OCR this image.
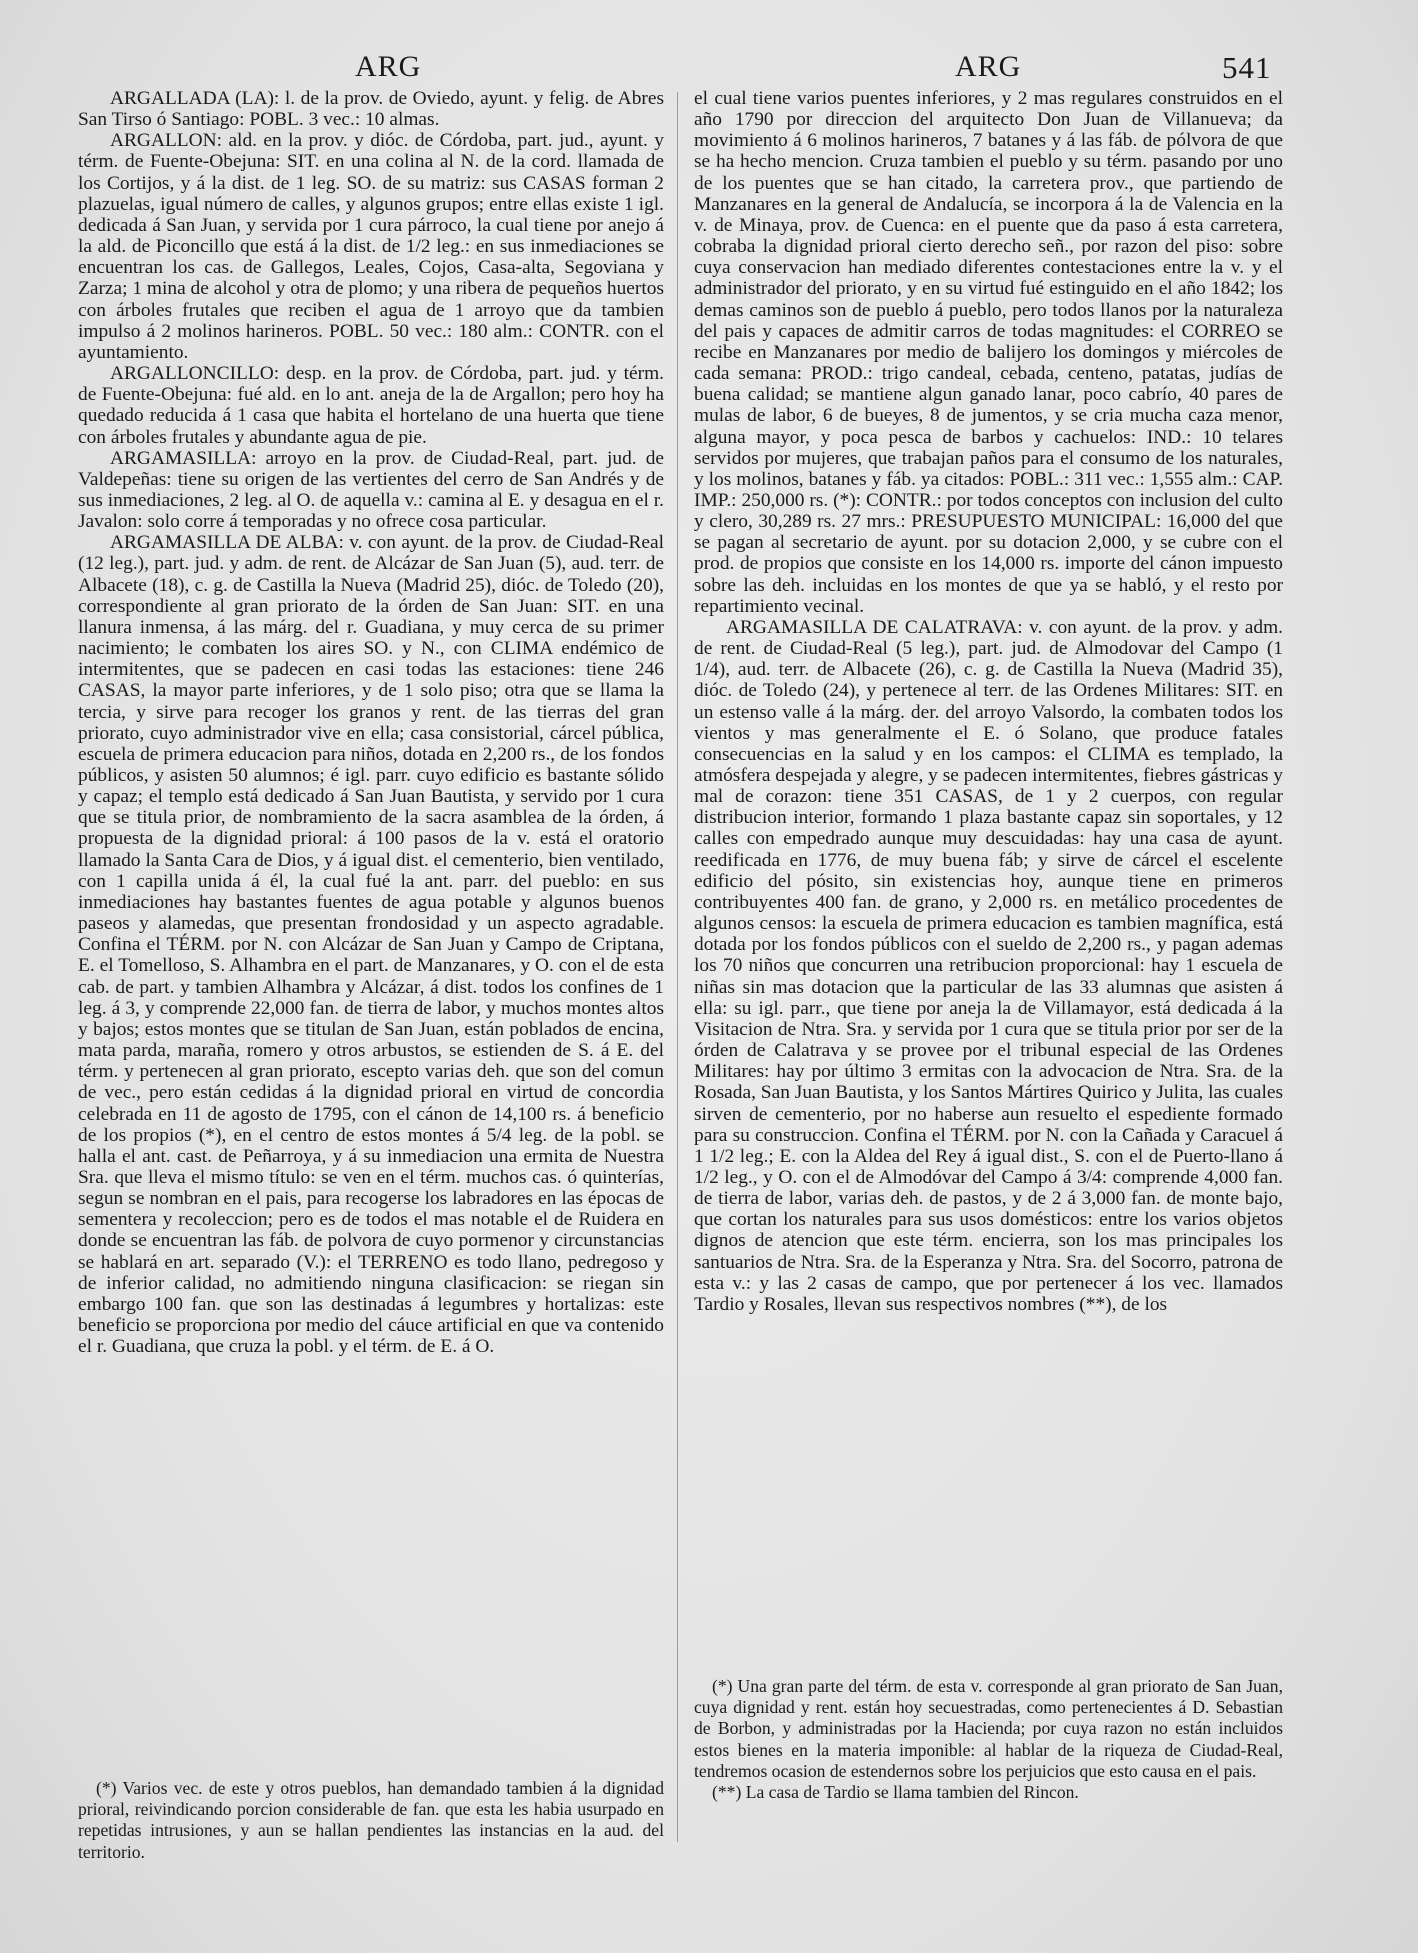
ARG	ARG	541

ARGALLADA (LA): l. de la prov. de Oviedo, ayunt. y felig. de Abres San Tirso ó Santiago: POBL. 3 vec.: 10 almas.

ARGALLON: ald. en la prov. y dióc. de Córdoba, part. jud., ayunt. y térm. de Fuente-Obejuna: SIT. en una colina al N. de la cord. llamada de los Cortijos, y á la dist. de 1 leg. SO. de su matriz: sus CASAS forman 2 plazuelas, igual número de calles, y algunos grupos; entre ellas existe 1 igl. dedicada á San Juan, y servida por 1 cura párroco, la cual tiene por anejo á la ald. de Piconcillo que está á la dist. de 1/2 leg.: en sus inmediaciones se encuentran los cas. de Gallegos, Leales, Cojos, Casa-alta, Segoviana y Zarza; 1 mina de alcohol y otra de plomo; y una ribera de pequeños huertos con árboles frutales que reciben el agua de 1 arroyo que da tambien impulso á 2 molinos harineros. POBL. 50 vec.: 180 alm.: CONTR. con el ayuntamiento.

ARGALLONCILLO: desp. en la prov. de Córdoba, part. jud. y térm. de Fuente-Obejuna: fué ald. en lo ant. aneja de la de Argallon; pero hoy ha quedado reducida á 1 casa que habita el hortelano de una huerta que tiene con árboles frutales y abundante agua de pie.

ARGAMASILLA: arroyo en la prov. de Ciudad-Real, part. jud. de Valdepeñas: tiene su origen de las vertientes del cerro de San Andrés y de sus inmediaciones, 2 leg. al O. de aquella v.: camina al E. y desagua en el r. Javalon: solo corre á temporadas y no ofrece cosa particular.

ARGAMASILLA DE ALBA: v. con ayunt. de la prov. de Ciudad-Real (12 leg.), part. jud. y adm. de rent. de Alcázar de San Juan (5), aud. terr. de Albacete (18), c. g. de Castilla la Nueva (Madrid 25), dióc. de Toledo (20), correspondiente al gran priorato de la órden de San Juan: SIT. en una llanura inmensa, á las márg. del r. Guadiana, y muy cerca de su primer nacimiento; le combaten los aires SO. y N., con CLIMA endémico de intermitentes, que se padecen en casi todas las estaciones: tiene 246 CASAS, la mayor parte inferiores, y de 1 solo piso; otra que se llama la tercia, y sirve para recoger los granos y rent. de las tierras del gran priorato, cuyo administrador vive en ella; casa consistorial, cárcel pública, escuela de primera educacion para niños, dotada en 2,200 rs., de los fondos públicos, y asisten 50 alumnos; é igl. parr. cuyo edificio es bastante sólido y capaz; el templo está dedicado á San Juan Bautista, y servido por 1 cura que se titula prior, de nombramiento de la sacra asamblea de la órden, á propuesta de la dignidad prioral: á 100 pasos de la v. está el oratorio llamado la Santa Cara de Dios, y á igual dist. el cementerio, bien ventilado, con 1 capilla unida á él, la cual fué la ant. parr. del pueblo: en sus inmediaciones hay bastantes fuentes de agua potable y algunos buenos paseos y alamedas, que presentan frondosidad y un aspecto agradable. Confina el TÉRM. por N. con Alcázar de San Juan y Campo de Criptana, E. el Tomelloso, S. Alhambra en el part. de Manzanares, y O. con el de esta cab. de part. y tambien Alhambra y Alcázar, á dist. todos los confines de 1 leg. á 3, y comprende 22,000 fan. de tierra de labor, y muchos montes altos y bajos; estos montes que se titulan de San Juan, están poblados de encina, mata parda, maraña, romero y otros arbustos, se estienden de S. á E. del térm. y pertenecen al gran priorato, escepto varias deh. que son del comun de vec., pero están cedidas á la dignidad prioral en virtud de concordia celebrada en 11 de agosto de 1795, con el cánon de 14,100 rs. á beneficio de los propios (*), en el centro de estos montes á 5/4 leg. de la pobl. se halla el ant. cast. de Peñarroya, y á su inmediacion una ermita de Nuestra Sra. que lleva el mismo título: se ven en el térm. muchos cas. ó quinterías, segun se nombran en el pais, para recogerse los labradores en las épocas de sementera y recoleccion; pero es de todos el mas notable el de Ruidera en donde se encuentran las fáb. de polvora de cuyo pormenor y circunstancias se hablará en art. separado (V.): el TERRENO es todo llano, pedregoso y de inferior calidad, no admitiendo ninguna clasificacion: se riegan sin embargo 100 fan. que son las destinadas á legumbres y hortalizas: este beneficio se proporciona por medio del cáuce artificial en que va contenido el r. Guadiana, que cruza la pobl. y el térm. de E. á O.

el cual tiene varios puentes inferiores, y 2 mas regulares construidos en el año 1790 por direccion del arquitecto Don Juan de Villanueva; da movimiento á 6 molinos harineros, 7 batanes y á las fáb. de pólvora de que se ha hecho mencion. Cruza tambien el pueblo y su térm. pasando por uno de los puentes que se han citado, la carretera prov., que partiendo de Manzanares en la general de Andalucía, se incorpora á la de Valencia en la v. de Minaya, prov. de Cuenca: en el puente que da paso á esta carretera, cobraba la dignidad prioral cierto derecho señ., por razon del piso: sobre cuya conservacion han mediado diferentes contestaciones entre la v. y el administrador del priorato, y en su virtud fué estinguido en el año 1842; los demas caminos son de pueblo á pueblo, pero todos llanos por la naturaleza del pais y capaces de admitir carros de todas magnitudes: el CORREO se recibe en Manzanares por medio de balijero los domingos y miércoles de cada semana: PROD.: trigo candeal, cebada, centeno, patatas, judías de buena calidad; se mantiene algun ganado lanar, poco cabrío, 40 pares de mulas de labor, 6 de bueyes, 8 de jumentos, y se cria mucha caza menor, alguna mayor, y poca pesca de barbos y cachuelos: IND.: 10 telares servidos por mujeres, que trabajan paños para el consumo de los naturales, y los molinos, batanes y fáb. ya citados: POBL.: 311 vec.: 1,555 alm.: CAP. IMP.: 250,000 rs. (*): CONTR.: por todos conceptos con inclusion del culto y clero, 30,289 rs. 27 mrs.: PRESUPUESTO MUNICIPAL: 16,000 del que se pagan al secretario de ayunt. por su dotacion 2,000, y se cubre con el prod. de propios que consiste en los 14,000 rs. importe del cánon impuesto sobre las deh. incluidas en los montes de que ya se habló, y el resto por repartimiento vecinal.

ARGAMASILLA DE CALATRAVA: v. con ayunt. de la prov. y adm. de rent. de Ciudad-Real (5 leg.), part. jud. de Almodovar del Campo (1 1/4), aud. terr. de Albacete (26), c. g. de Castilla la Nueva (Madrid 35), dióc. de Toledo (24), y pertenece al terr. de las Ordenes Militares: SIT. en un estenso valle á la márg. der. del arroyo Valsordo, la combaten todos los vientos y mas generalmente el E. ó Solano, que produce fatales consecuencias en la salud y en los campos: el CLIMA es templado, la atmósfera despejada y alegre, y se padecen intermitentes, fiebres gástricas y mal de corazon: tiene 351 CASAS, de 1 y 2 cuerpos, con regular distribucion interior, formando 1 plaza bastante capaz sin soportales, y 12 calles con empedrado aunque muy descuidadas: hay una casa de ayunt. reedificada en 1776, de muy buena fáb; y sirve de cárcel el escelente edificio del pósito, sin existencias hoy, aunque tiene en primeros contribuyentes 400 fan. de grano, y 2,000 rs. en metálico procedentes de algunos censos: la escuela de primera educacion es tambien magnífica, está dotada por los fondos públicos con el sueldo de 2,200 rs., y pagan ademas los 70 niños que concurren una retribucion proporcional: hay 1 escuela de niñas sin mas dotacion que la particular de las 33 alumnas que asisten á ella: su igl. parr., que tiene por aneja la de Villamayor, está dedicada á la Visitacion de Ntra. Sra. y servida por 1 cura que se titula prior por ser de la órden de Calatrava y se provee por el tribunal especial de las Ordenes Militares: hay por último 3 ermitas con la advocacion de Ntra. Sra. de la Rosada, San Juan Bautista, y los Santos Mártires Quirico y Julita, las cuales sirven de cementerio, por no haberse aun resuelto el espediente formado para su construccion. Confina el TÉRM. por N. con la Cañada y Caracuel á 1 1/2 leg.; E. con la Aldea del Rey á igual dist., S. con el de Puerto-llano á 1/2 leg., y O. con el de Almodóvar del Campo á 3/4: comprende 4,000 fan. de tierra de labor, varias deh. de pastos, y de 2 á 3,000 fan. de monte bajo, que cortan los naturales para sus usos domésticos: entre los varios objetos dignos de atencion que este térm. encierra, son los mas principales los santuarios de Ntra. Sra. de la Esperanza y Ntra. Sra. del Socorro, patrona de esta v.: y las 2 casas de campo, que por pertenecer á los vec. llamados Tardio y Rosales, llevan sus respectivos nombres (**), de los

(*) Varios vec. de este y otros pueblos, han demandado tambien á la dignidad prioral, reivindicando porcion considerable de fan. que esta les habia usurpado en repetidas intrusiones, y aun se hallan pendientes las instancias en la aud. del territorio.

(*) Una gran parte del térm. de esta v. corresponde al gran priorato de San Juan, cuya dignidad y rent. están hoy secuestradas, como pertenecientes á D. Sebastian de Borbon, y administradas por la Hacienda; por cuya razon no están incluidos estos bienes en la materia imponible: al hablar de la riqueza de Ciudad-Real, tendremos ocasion de estendernos sobre los perjuicios que esto causa en el pais.

(**) La casa de Tardio se llama tambien del Rincon.
